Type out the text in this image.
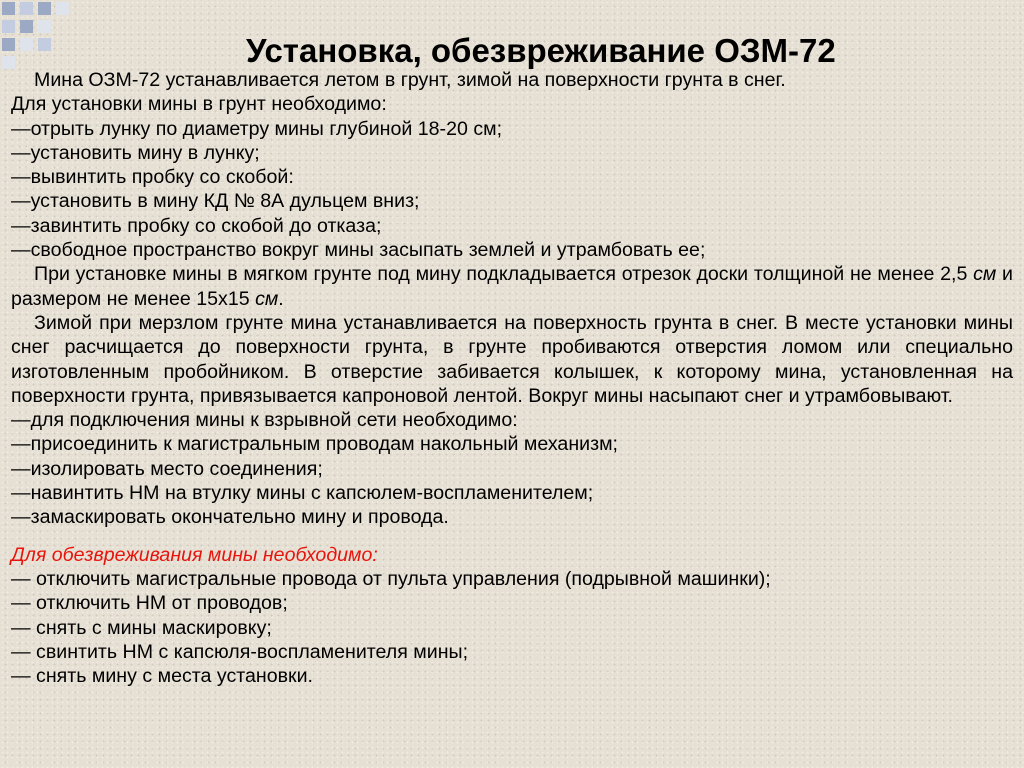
Установка, обезвреживание ОЗМ-72

Мина ОЗМ-72 устанавливается летом в грунт, зимой на поверхности грунта в снег.

Для установки мины в грунт необходимо:

—отрыть лунку по диаметру мины глубиной 18-20 см;

—установить мину в лунку;

—вывинтить пробку со скобой:

—установить в мину КД № 8А дульцем вниз;

—завинтить пробку со скобой до отказа;

—свободное пространство вокруг мины засыпать землей и утрамбовать ее;

При установке мины в мягком грунте под мину подкладывается отрезок доски толщиной не менее 2,5 см и размером не менее 15х15 см.

Зимой при мерзлом грунте мина устанавливается на поверхность грунта в снег. В месте установки мины снег расчищается до поверхности грунта, в грунте пробиваются отверстия ломом или специально изготовленным пробойником. В отверстие забивается колышек, к которому мина, установленная на поверхности грунта, привязывается капроновой лентой. Вокруг мины насыпают снег и утрамбовывают.

—для подключения мины к взрывной сети необходимо:

—присоединить к магистральным проводам накольный механизм;

—изолировать место соединения;

—навинтить НМ на втулку мины с капсюлем-воспламенителем;

—замаскировать окончательно мину и провода.

Для обезвреживания мины необходимо:

— отключить магистральные провода от пульта управления (подрывной машинки);

— отключить НМ от проводов;

— снять с мины маскировку;

— свинтить НМ с капсюля-воспламенителя мины;

— снять мину с места установки.
